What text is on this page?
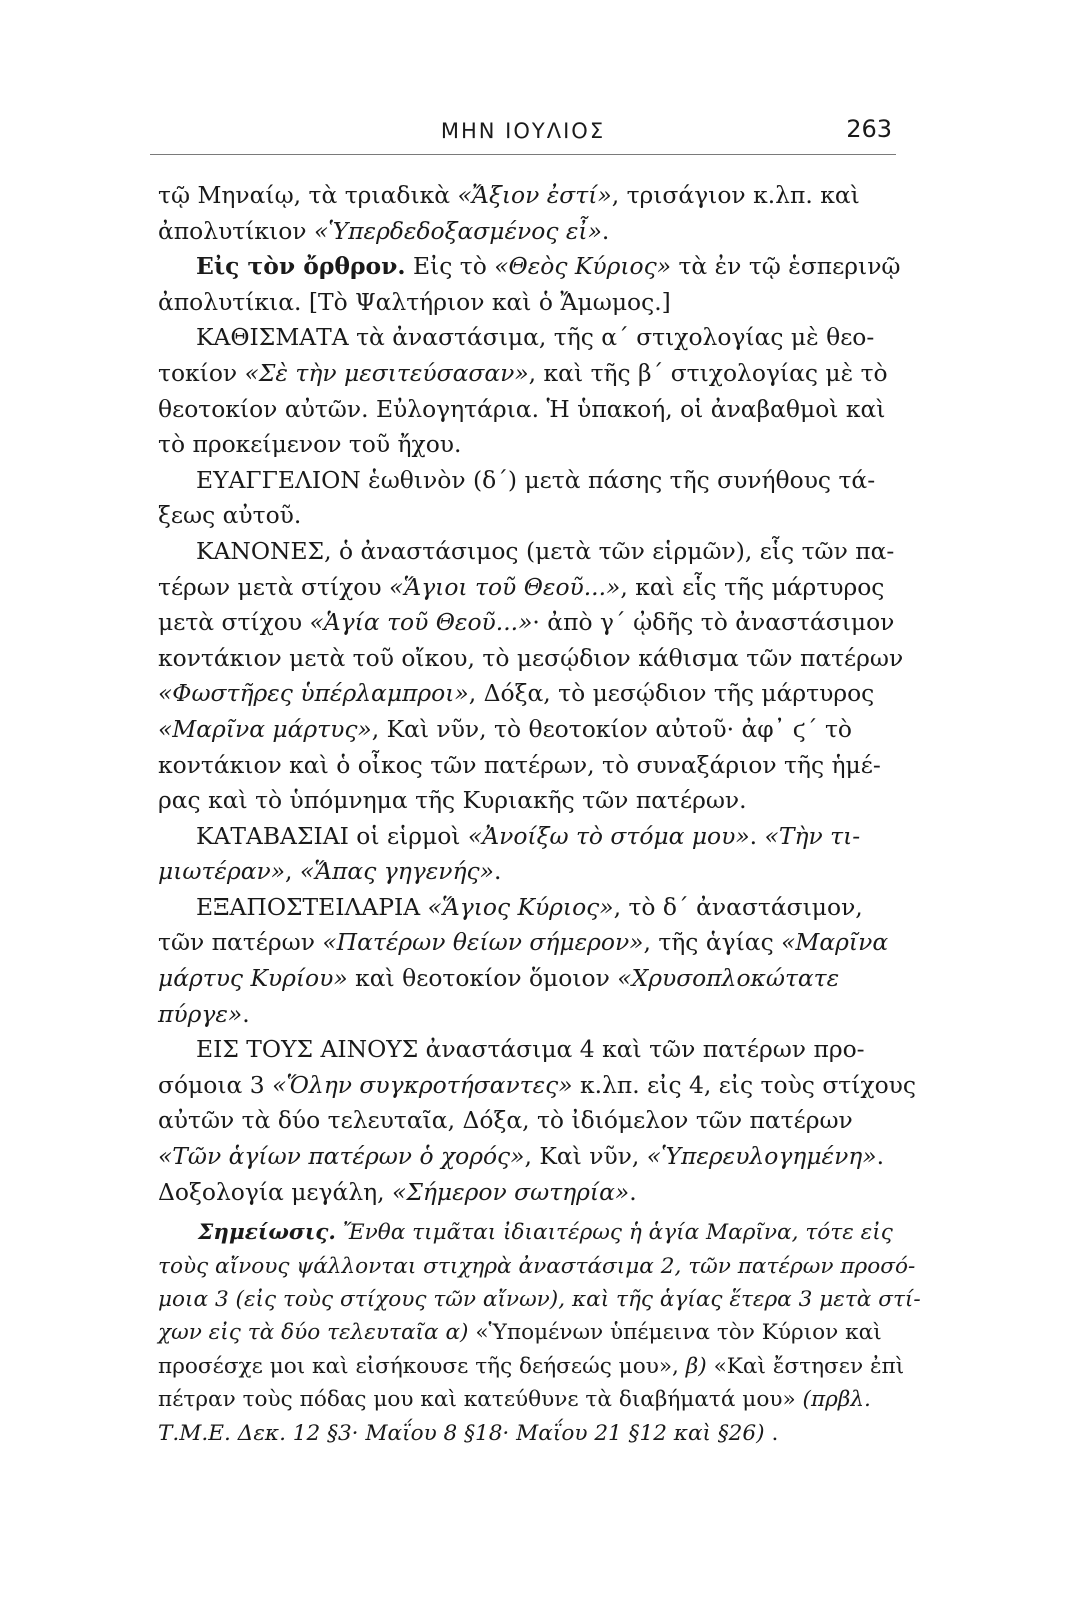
ΜΗΝ ΙΟΥΛΙΟΣ	263
τῷ Μηναίῳ, τὰ τριαδικὰ «Ἄξιον ἐστί», τρισάγιον κ.λπ. καὶ
ἀπολυτίκιον «Ὑπερδεδοξασμένος εἶ».
Εἰς τὸν ὄρθρον. Εἰς τὸ «Θεὸς Κύριος» τὰ ἐν τῷ ἑσπερινῷ
ἀπολυτίκια. [Τὸ Ψαλτήριον καὶ ὁ Ἄμωμος.]
ΚΑΘΙΣΜΑΤΑ τὰ ἀναστάσιμα, τῆς α΄ στιχολογίας μὲ θεο-
τοκίον «Σὲ τὴν μεσιτεύσασαν», καὶ τῆς β΄ στιχολογίας μὲ τὸ
θεοτοκίον αὐτῶν. Εὐλογητάρια. Ἡ ὑπακοή, οἱ ἀναβαθμοὶ καὶ
τὸ προκείμενον τοῦ ἤχου.
ΕΥΑΓΓΕΛΙΟΝ ἑωθινὸν (δ΄) μετὰ πάσης τῆς συνήθους τά-
ξεως αὐτοῦ.
ΚΑΝΟΝΕΣ, ὁ ἀναστάσιμος (μετὰ τῶν εἱρμῶν), εἷς τῶν πα-
τέρων μετὰ στίχου «Ἅγιοι τοῦ Θεοῦ...», καὶ εἷς τῆς μάρτυρος
μετὰ στίχου «Ἁγία τοῦ Θεοῦ...»· ἀπὸ γ΄ ᾠδῆς τὸ ἀναστάσιμον
κοντάκιον μετὰ τοῦ οἴκου, τὸ μεσῴδιον κάθισμα τῶν πατέρων
«Φωστῆρες ὑπέρλαμπροι», Δόξα, τὸ μεσῴδιον τῆς μάρτυρος
«Μαρῖνα μάρτυς», Καὶ νῦν, τὸ θεοτοκίον αὐτοῦ· ἀφ᾽ ϛ΄ τὸ
κοντάκιον καὶ ὁ οἶκος τῶν πατέρων, τὸ συναξάριον τῆς ἡμέ-
ρας καὶ τὸ ὑπόμνημα τῆς Κυριακῆς τῶν πατέρων.
ΚΑΤΑΒΑΣΙΑΙ οἱ εἱρμοὶ «Ἀνοίξω τὸ στόμα μου». «Τὴν τι-
μιωτέραν», «Ἅπας γηγενής».
ΕΞΑΠΟΣΤΕΙΛΑΡΙΑ «Ἅγιος Κύριος», τὸ δ΄ ἀναστάσιμον,
τῶν πατέρων «Πατέρων θείων σήμερον», τῆς ἁγίας «Μαρῖνα
μάρτυς Κυρίου» καὶ θεοτοκίον ὅμοιον «Χρυσοπλοκώτατε
πύργε».
ΕΙΣ ΤΟΥΣ ΑΙΝΟΥΣ ἀναστάσιμα 4 καὶ τῶν πατέρων προ-
σόμοια 3 «Ὅλην συγκροτήσαντες» κ.λπ. εἰς 4, εἰς τοὺς στίχους
αὐτῶν τὰ δύο τελευταῖα, Δόξα, τὸ ἰδιόμελον τῶν πατέρων
«Τῶν ἁγίων πατέρων ὁ χορός», Καὶ νῦν, «Ὑπερευλογημένη».
Δοξολογία μεγάλη, «Σήμερον σωτηρία».
Σημείωσις. Ἔνθα τιμᾶται ἰδιαιτέρως ἡ ἁγία Μαρῖνα, τότε εἰς
τοὺς αἴνους ψάλλονται στιχηρὰ ἀναστάσιμα 2, τῶν πατέρων προσό-
μοια 3 (εἰς τοὺς στίχους τῶν αἴνων), καὶ τῆς ἁγίας ἕτερα 3 μετὰ στί-
χων εἰς τὰ δύο τελευταῖα α) «Ὑπομένων ὑπέμεινα τὸν Κύριον καὶ
προσέσχε μοι καὶ εἰσήκουσε τῆς δεήσεώς μου», β) «Καὶ ἔστησεν ἐπὶ
πέτραν τοὺς πόδας μου καὶ κατεύθυνε τὰ διαβήματά μου» (πρβλ.
Τ.Μ.Ε. Δεκ. 12 §3· Μαΐου 8 §18· Μαΐου 21 §12 καὶ §26) .
